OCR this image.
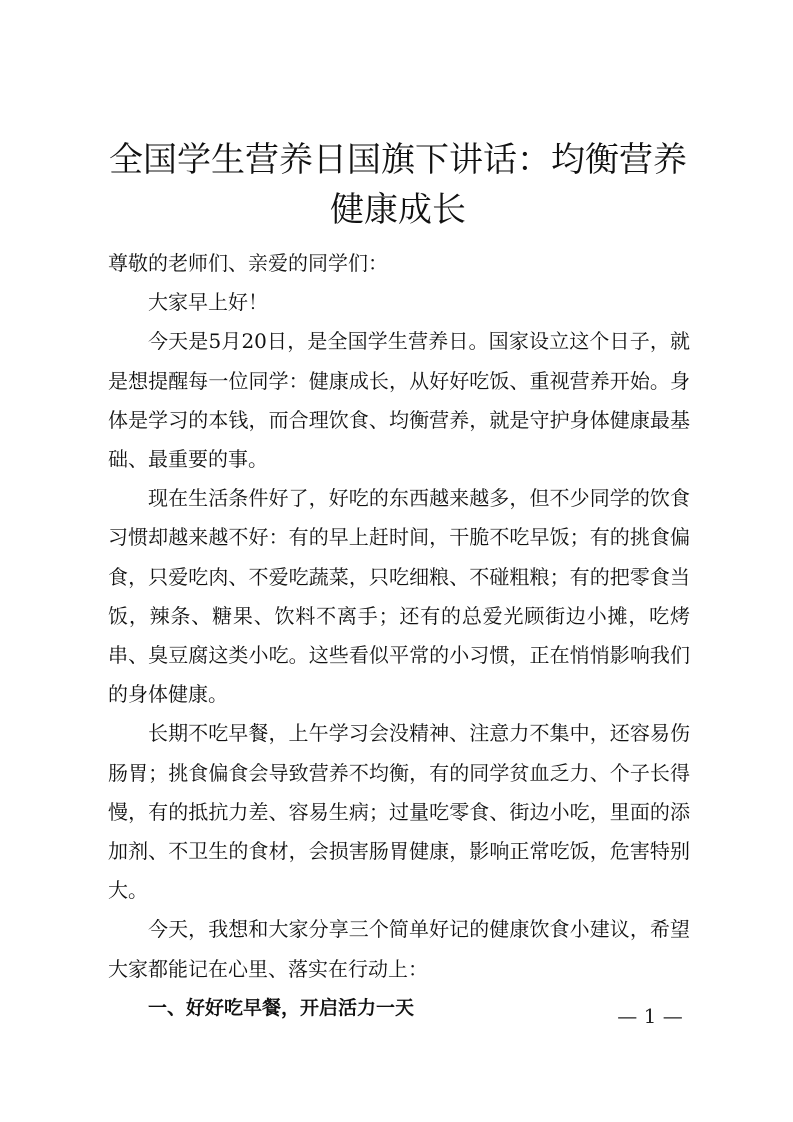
全国学生营养日国旗下讲话：均衡营养健康成长

尊敬的老师们、亲爱的同学们：

大家早上好！

今天是5月20日，是全国学生营养日。国家设立这个日子，就是想提醒每一位同学：健康成长，从好好吃饭、重视营养开始。身体是学习的本钱，而合理饮食、均衡营养，就是守护身体健康最基础、最重要的事。

现在生活条件好了，好吃的东西越来越多，但不少同学的饮食习惯却越来越不好：有的早上赶时间，干脆不吃早饭；有的挑食偏食，只爱吃肉、不爱吃蔬菜，只吃细粮、不碰粗粮；有的把零食当饭，辣条、糖果、饮料不离手；还有的总爱光顾街边小摊，吃烤串、臭豆腐这类小吃。这些看似平常的小习惯，正在悄悄影响我们的身体健康。

长期不吃早餐，上午学习会没精神、注意力不集中，还容易伤肠胃；挑食偏食会导致营养不均衡，有的同学贫血乏力、个子长得慢，有的抵抗力差、容易生病；过量吃零食、街边小吃，里面的添加剂、不卫生的食材，会损害肠胃健康，影响正常吃饭，危害特别大。

今天，我想和大家分享三个简单好记的健康饮食小建议，希望大家都能记在心里、落实在行动上：

一、好好吃早餐，开启活力一天	— 1 —
